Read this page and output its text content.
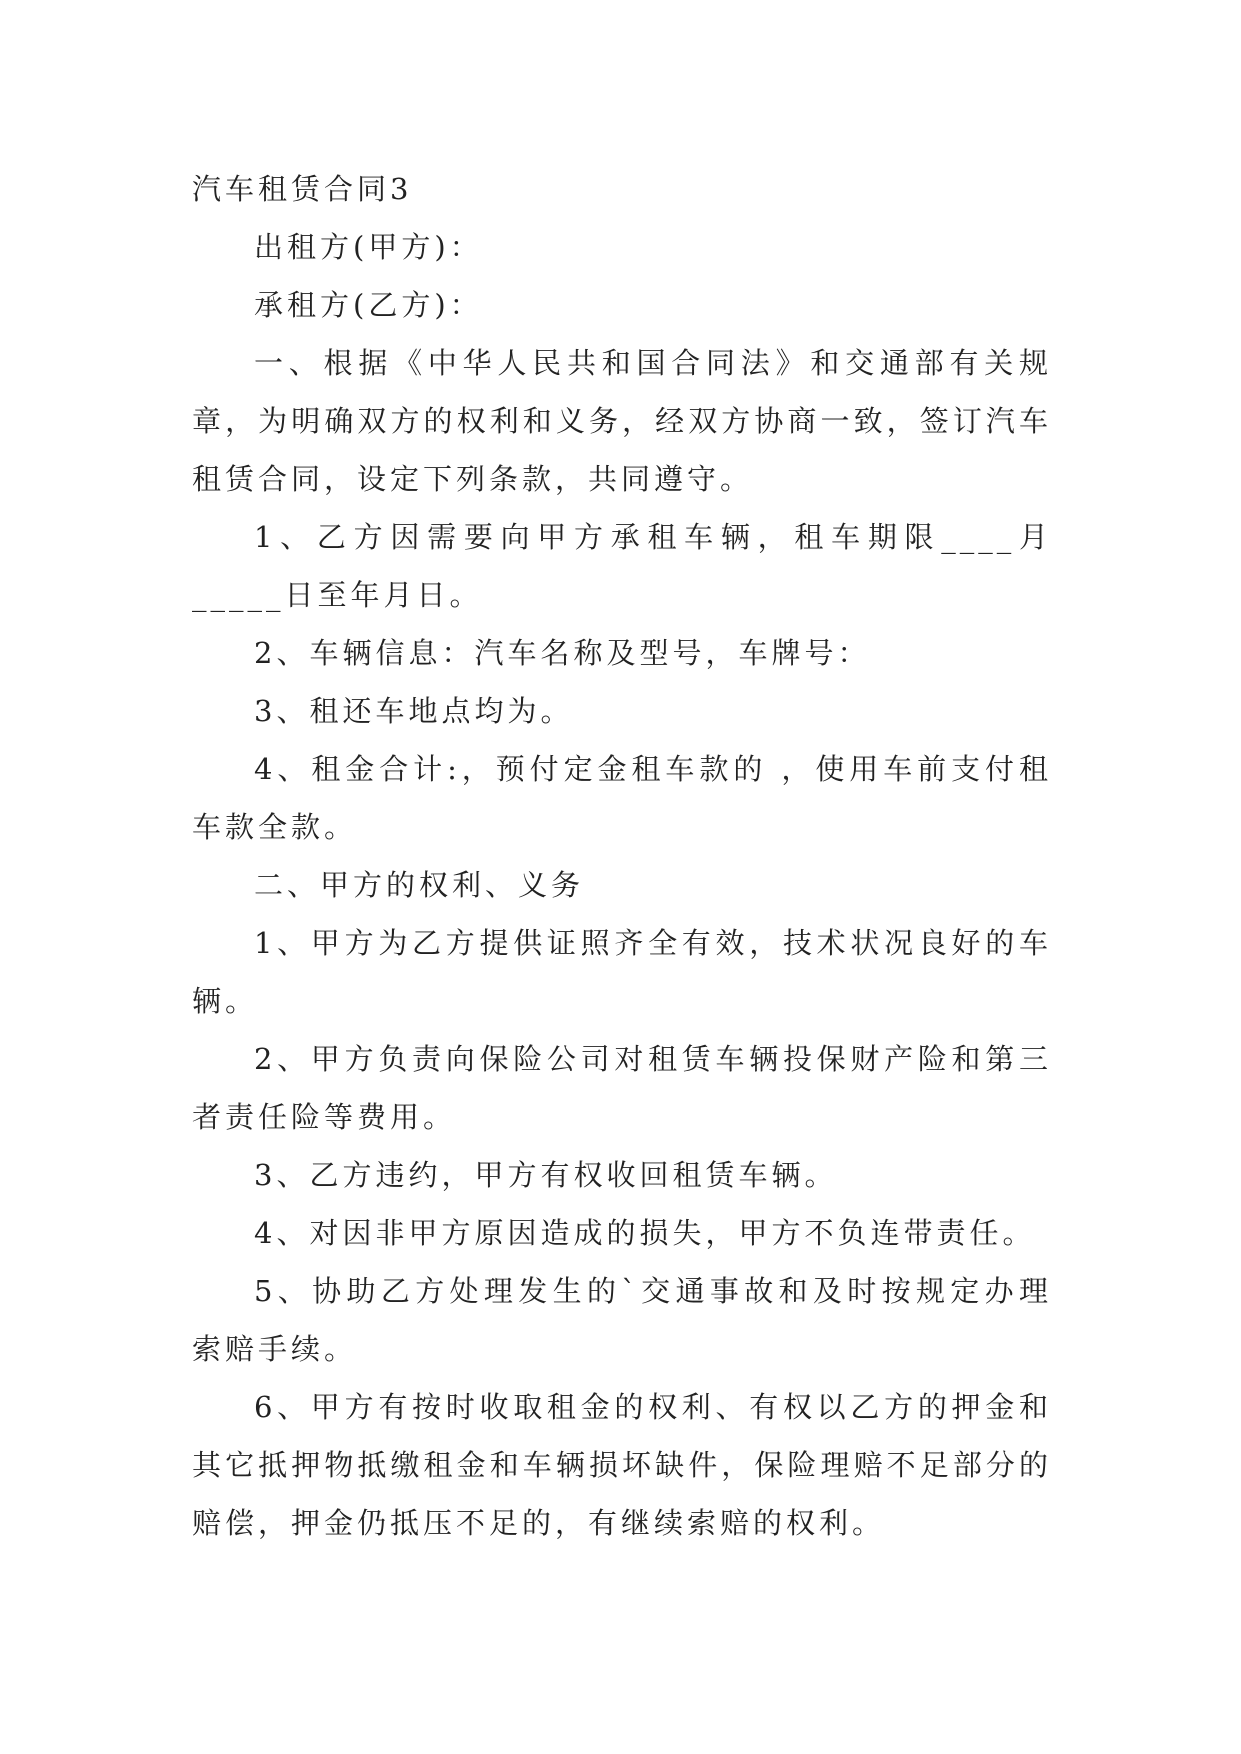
汽车租赁合同3

出租方(甲方)：

承租方(乙方)：

一、根据《中华人民共和国合同法》和交通部有关规章，为明确双方的权利和义务，经双方协商一致，签订汽车租赁合同，设定下列条款，共同遵守。

1、乙方因需要向甲方承租车辆，租车期限____月_____日至年月日。

2、车辆信息：汽车名称及型号，车牌号：

3、租还车地点均为。

4、租金合计:，预付定金租车款的 ，使用车前支付租车款全款。

二、甲方的权利、义务

1、甲方为乙方提供证照齐全有效，技术状况良好的车辆。

2、甲方负责向保险公司对租赁车辆投保财产险和第三者责任险等费用。

3、乙方违约，甲方有权收回租赁车辆。

4、对因非甲方原因造成的损失，甲方不负连带责任。

5、协助乙方处理发生的`交通事故和及时按规定办理索赔手续。

6、甲方有按时收取租金的权利、有权以乙方的押金和其它抵押物抵缴租金和车辆损坏缺件，保险理赔不足部分的赔偿，押金仍抵压不足的，有继续索赔的权利。
